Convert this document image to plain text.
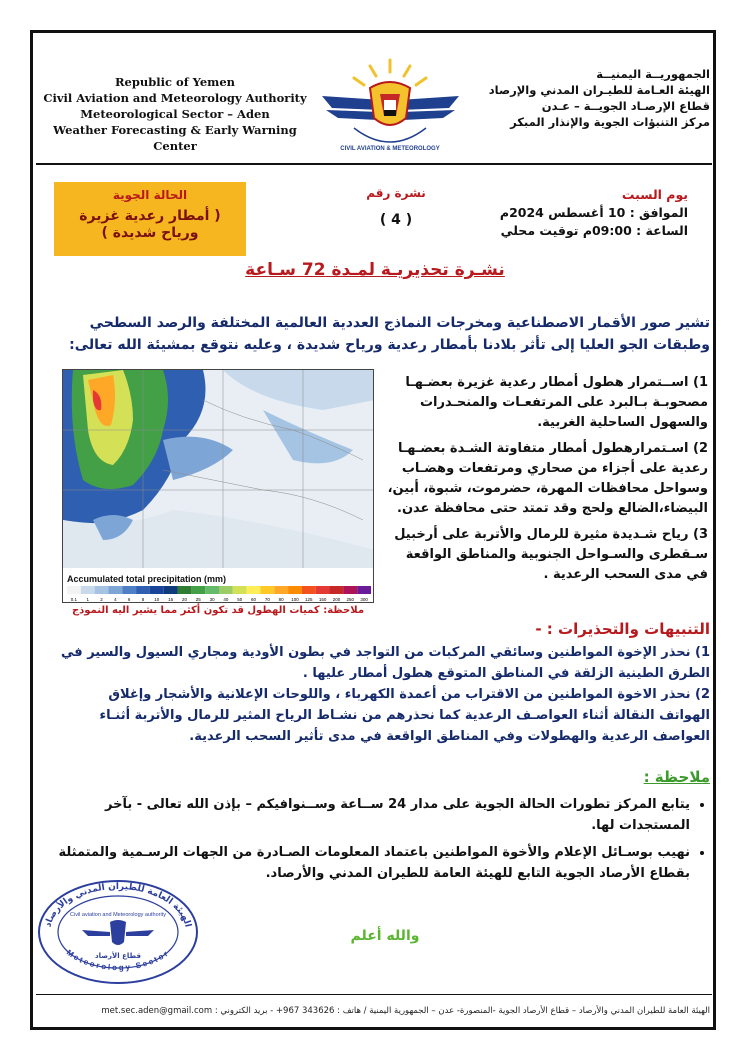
Republic of Yemen
Civil Aviation and Meteorology Authority
Meteorological Sector – Aden
Weather Forecasting & Early Warning Center	CIVIL AVIATION & METEOROLOGY
الجمهوريــة اليمنيــة
الهيئة العـامة للطيـران المدني والإرصاد
قطاع الإرصـاد الجويــة – عـدن
مركز التنبؤات الجوية والإنذار المبكر
الحالة الجوية
( أمطار رعدية غزيرة
ورياح شديدة )
نشرة رقم
( 4 )
يوم السبت
الموافق : 10 أغسطس 2024م
الساعة : 09:00م توقيت محلي
نشـرة تحذيريـة لمـدة 72 سـاعة
تشير صور الأقمار الاصطناعية ومخرجات النماذج العددية العالمية المختلفة والرصد السطحي وطبقات الجو العليا إلى تأثر بلادنا بأمطار رعدية ورياح شديدة ، وعليه نتوقع بمشيئة الله تعالى:
Accumulated total precipitation (mm)
0.1 1	2	4	6	8 10 15 20 25 30 40 50 60 70 80 100 125 150 200 250 300
ملاحظة: كميات الهطول قد تكون أكثر مما يشير اليه النموذج

1) اســتمرار هطول أمطار رعدية غزيرة بعضـهـا مصحوبـة بـالبرد على المرتفعـات والمنحـدرات والسهول الساحلية الغربية.

2) اسـتمرارهطول أمطار متفاوتة الشـدة بعضـهـا رعدية على أجزاء من صحاري ومرتفعات وهضـاب وسواحل محافظات المهرة، حضرموت، شبوة، أبين، البيضاء،الضالع ولحج وقد تمتد حتى محافظة عدن.

3) رياح شـديدة مثيرة للرمال والأتربة على أرخبيل سـقطرى والسـواحل الجنوبية والمناطق الواقعة في مدى السحب الرعدية .

التنبيهات والتحذيرات : -

1) نحذر الإخوة المواطنين وسائقي المركبات من التواجد في بطون الأودية ومجاري السيول والسير في الطرق الطينية الزلقة في المناطق المتوقع هطول أمطار عليها .

2) نحذر الاخوة المواطنين من الاقتراب من أعمدة الكهرباء ، واللوحات الإعلانية والأشجار وإغلاق الهواتف النقالة أثناء العواصـف الرعدية كما نحذرهم من نشـاط الرياح المثير للرمال والأتربة أثنـاء العواصف الرعدية والهطولات وفي المناطق الواقعة في مدى تأثير السحب الرعدية.

ملاحظة :
• يتابع المركز تطورات الحالة الجوية على مدار 24 ســاعة وســنوافيكم – بإذن الله تعالى - بآخر المستجدات لها.
• نهيب بوسـائل الإعلام والأخوة المواطنين باعتماد المعلومات الصـادرة من الجهات الرسـمية والمتمثلة بقطاع الأرصاد الجوية التابع للهيئة العامة للطيران المدني والأرصاد.
والله أعلم
الهيئة العامة للطيران المدني والأرصاد
Meteorology Sector
Civil aviation and Meteorology authority
قطاع الأرصاد
الهيئة العامة للطيران المدني والأرصاد – قطاع الأرصاد الجوية -المنصورة- عدن – الجمهورية اليمنية / هاتف : 343626 967+ - بريد الكتروني : met.sec.aden@gmail.com
